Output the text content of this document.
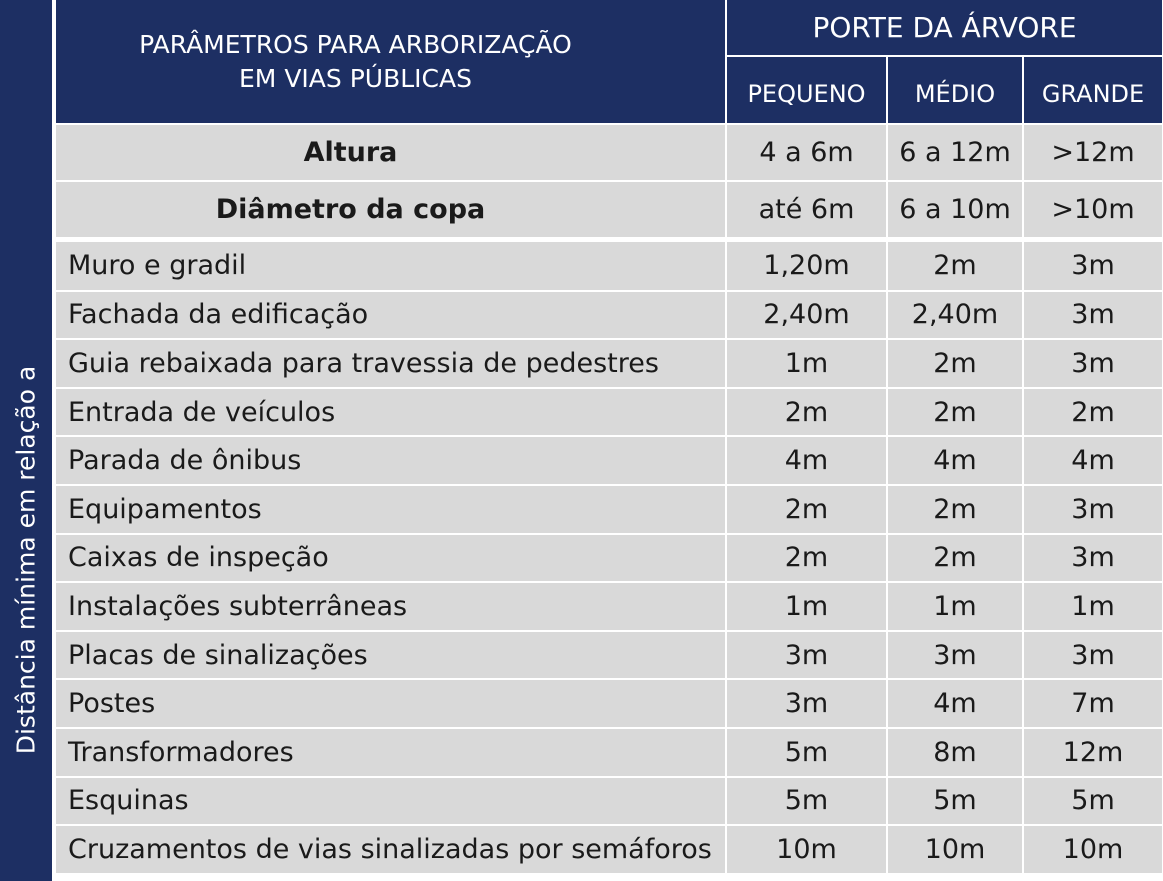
Distância mínima em relação a
PARÂMETROS PARA ARBORIZAÇÃO
EM VIAS PÚBLICAS	PORTE DA ÁRVORE		
	PEQUENO	MÉDIO	GRANDE
Altura	4 a 6m	6 a 12m	>12m
Diâmetro da copa	até 6m	6 a 10m	>10m

Muro e gradil	1,20m	2m	3m
Fachada da edificação	2,40m	2,40m	3m
Guia rebaixada para travessia de pedestres	1m	2m	3m
Entrada de veículos	2m	2m	2m
Parada de ônibus	4m	4m	4m
Equipamentos	2m	2m	3m
Caixas de inspeção	2m	2m	3m
Instalações subterrâneas	1m	1m	1m
Placas de sinalizações	3m	3m	3m
Postes	3m	4m	7m
Transformadores	5m	8m	12m
Esquinas	5m	5m	5m
Cruzamentos de vias sinalizadas por semáforos	10m	10m	10m
